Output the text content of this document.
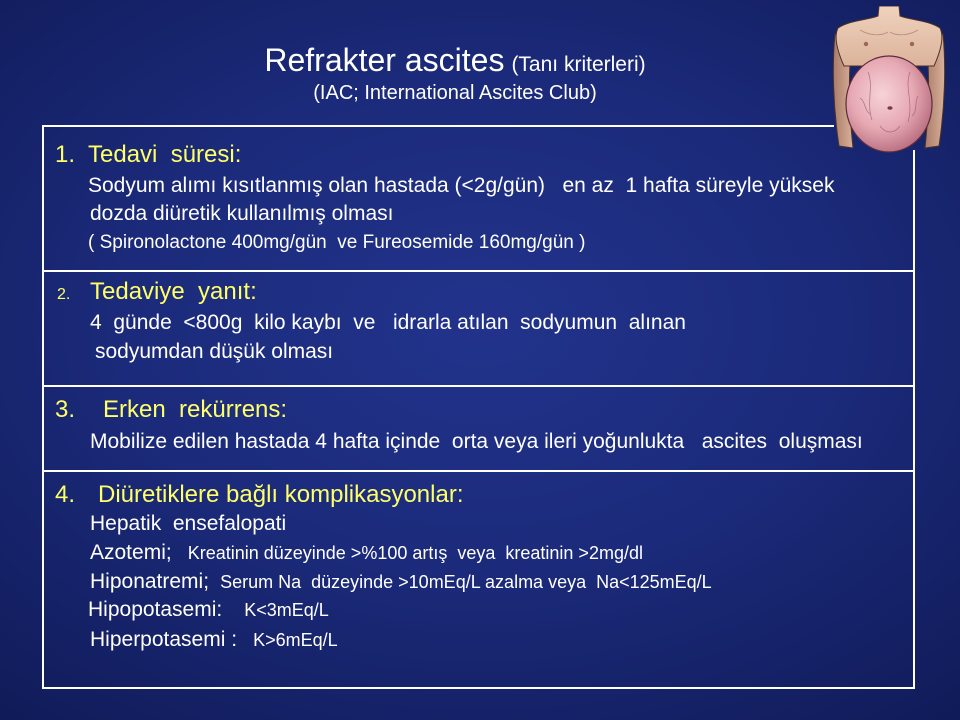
Refrakter ascites (Tanı kriterleri)
(IAC; International Ascites Club)
1. Tedavi  süresi:
Sodyum alımı kısıtlanmış olan hastada (<2g/gün)   en az  1 hafta süreyle yüksek
dozda diüretik kullanılmış olması
( Spironolactone 400mg/gün  ve Fureosemide 160mg/gün )
2. Tedaviye  yanıt:
4  günde  <800g  kilo kaybı  ve   idrarla atılan  sodyumun  alınan
sodyumdan düşük olması
3. Erken  rekürrens:
Mobilize edilen hastada 4 hafta içinde  orta veya ileri yoğunlukta   ascites  oluşması
4. Diüretiklere bağlı komplikasyonlar:
Hepatik  ensefalopati
Azotemi; Kreatinin düzeyinde >%100 artış  veya  kreatinin >2mg/dl
Hiponatremi; Serum Na  düzeyinde >10mEq/L azalma veya  Na<125mEq/L
Hipopotasemi: K<3mEq/L
Hiperpotasemi : K>6mEq/L
